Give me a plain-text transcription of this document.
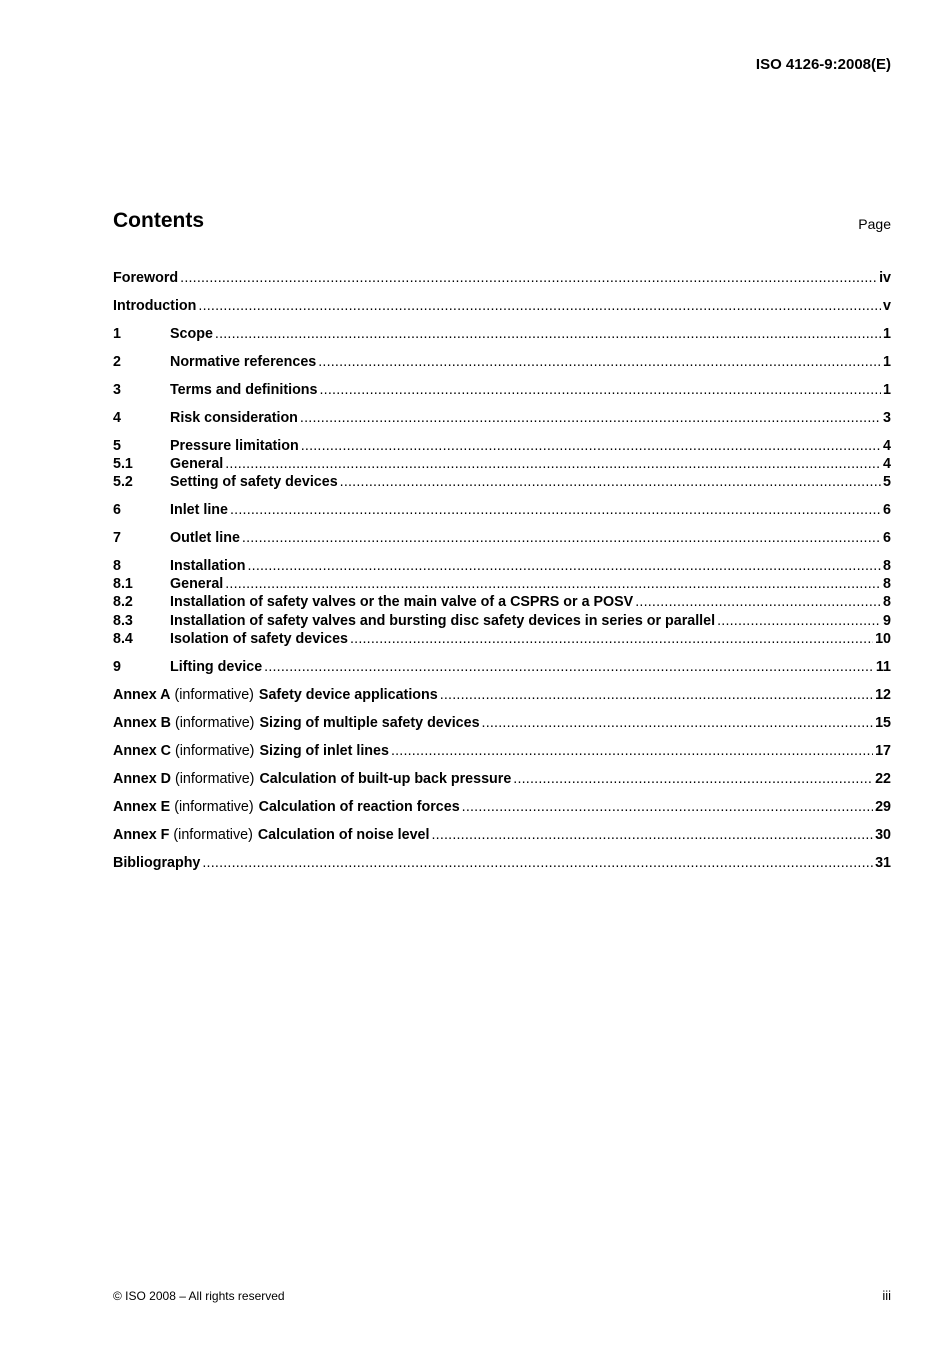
ISO 4126-9:2008(E)
Contents	Page
Foreword .....	iv
Introduction .....	v
1	Scope .....	1
2	Normative references .....	1
3	Terms and definitions .....	1
4	Risk consideration .....	3
5	Pressure limitation .....	4
5.1	General .....	4
5.2	Setting of safety devices .....	5
6	Inlet line .....	6
7	Outlet line .....	6
8	Installation .....	8
8.1	General .....	8
8.2	Installation of safety valves or the main valve of a CSPRS or a POSV .....	8
8.3	Installation of safety valves and bursting disc safety devices in series or parallel .....	9
8.4	Isolation of safety devices .....	10
9	Lifting device .....	11
Annex A (informative) Safety device applications .....	12
Annex B (informative) Sizing of multiple safety devices .....	15
Annex C (informative) Sizing of inlet lines .....	17
Annex D (informative) Calculation of built-up back pressure .....	22
Annex E (informative) Calculation of reaction forces .....	29
Annex F (informative) Calculation of noise level .....	30
Bibliography .....	31
© ISO 2008 – All rights reserved	iii
